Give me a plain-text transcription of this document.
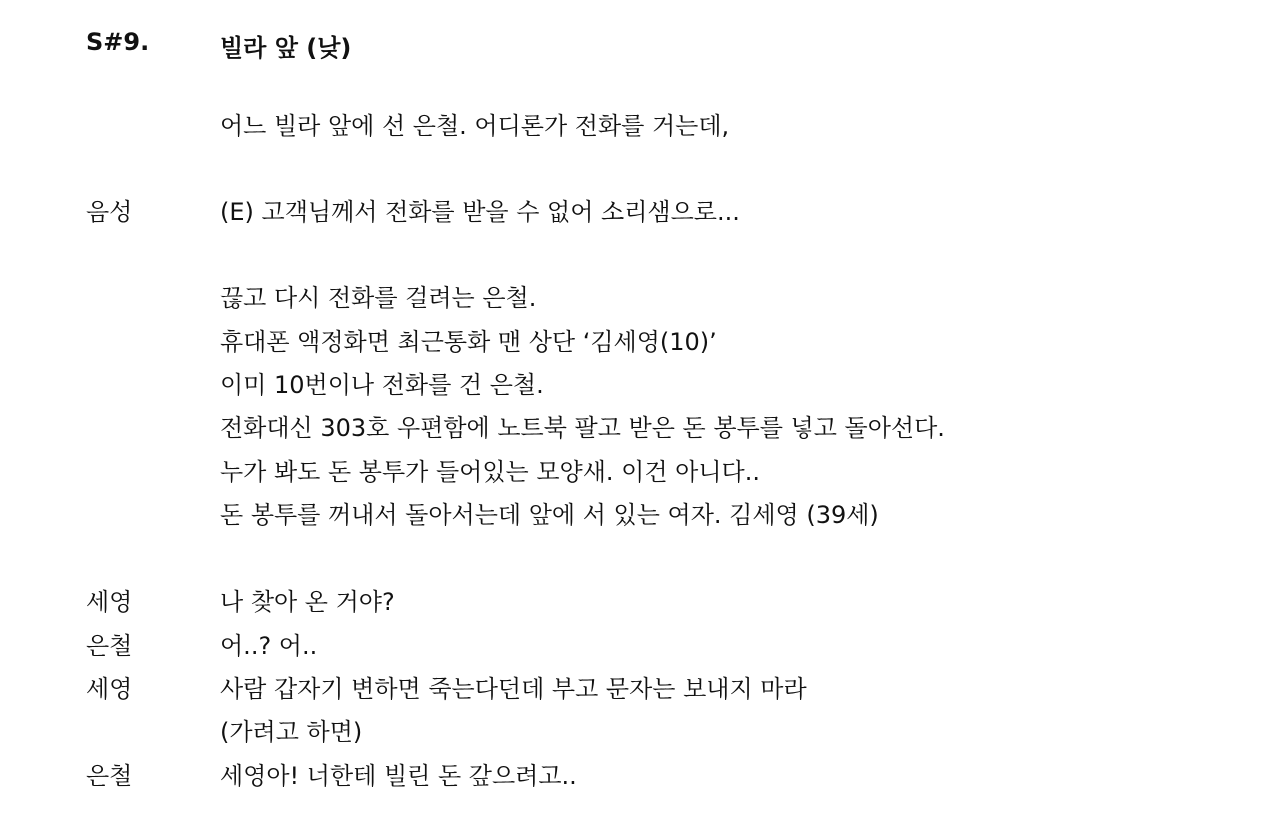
S#9.	빌라 앞 (낮)
어느 빌라 앞에 선 은철. 어디론가 전화를 거는데,
음성	(E) 고객님께서 전화를 받을 수 없어 소리샘으로...
끊고 다시 전화를 걸려는 은철.
휴대폰 액정화면 최근통화 맨 상단 ‘김세영(10)’
이미 10번이나 전화를 건 은철.
전화대신 303호 우편함에 노트북 팔고 받은 돈 봉투를 넣고 돌아선다.
누가 봐도 돈 봉투가 들어있는 모양새. 이건 아니다..
돈 봉투를 꺼내서 돌아서는데 앞에 서 있는 여자. 김세영 (39세)
세영	나 찾아 온 거야?
은철	어..? 어..
세영	사람 갑자기 변하면 죽는다던데 부고 문자는 보내지 마라
(가려고 하면)
은철	세영아! 너한테 빌린 돈 갚으려고..
